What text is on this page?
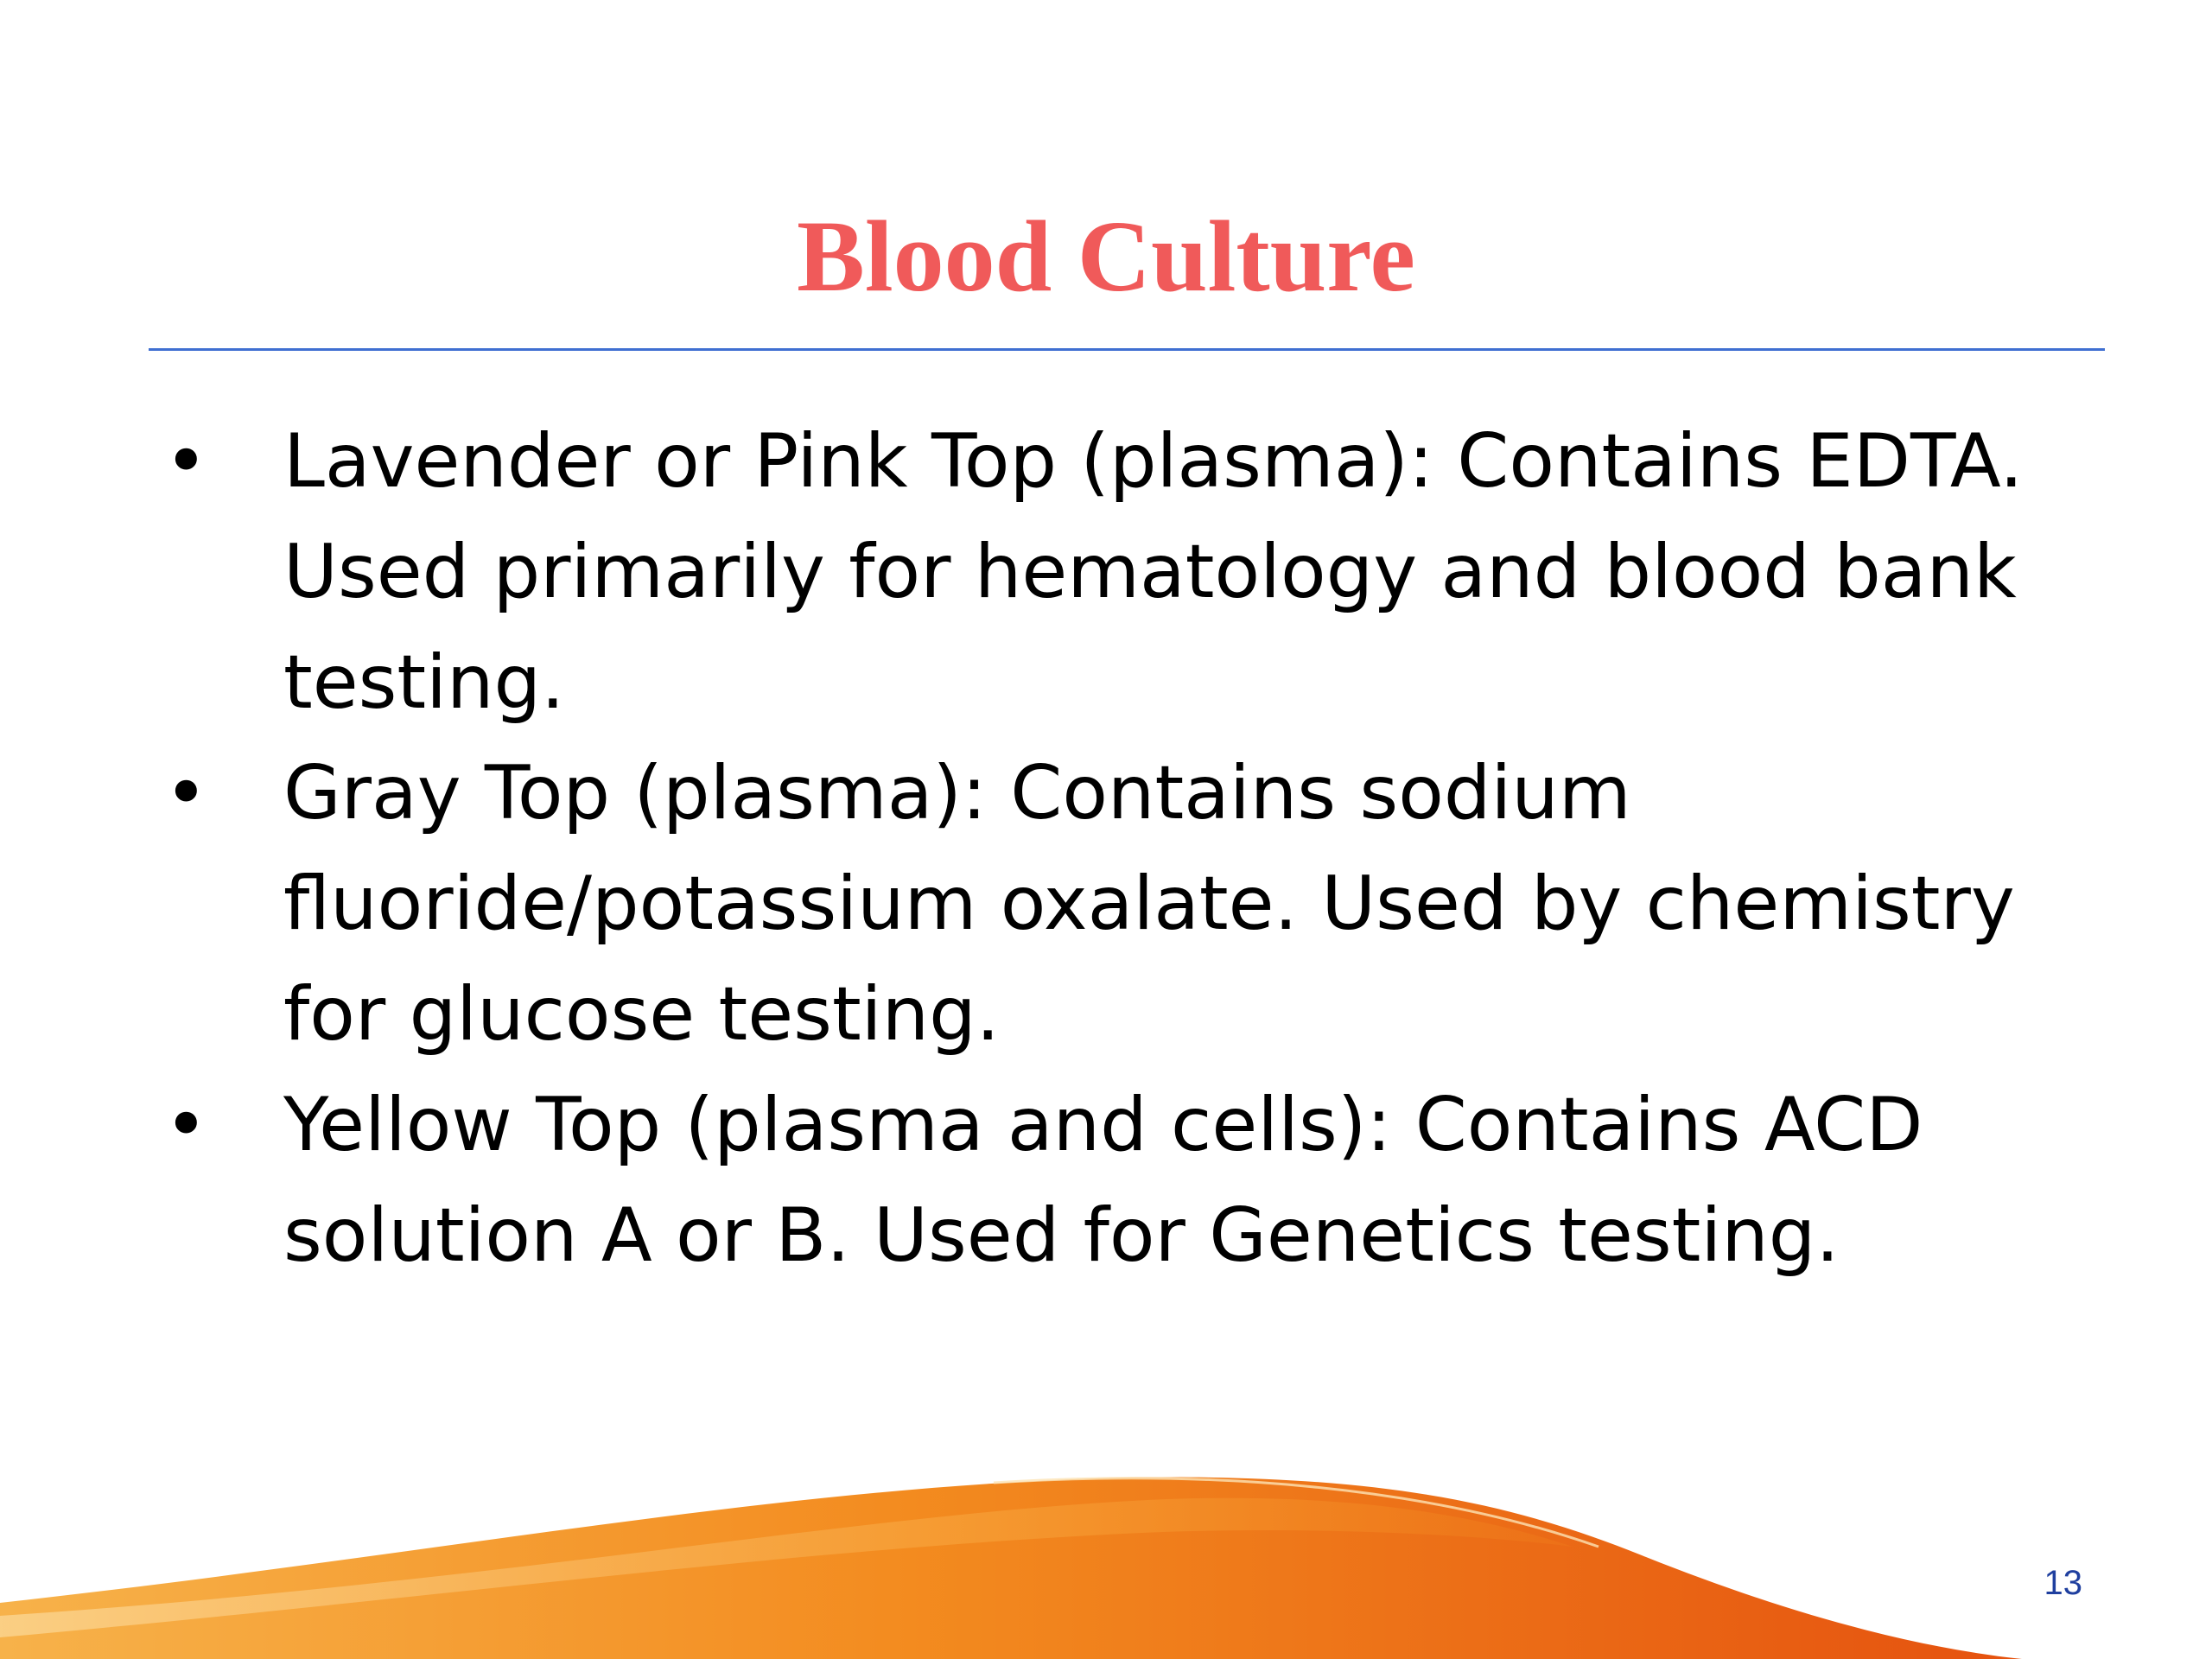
Blood Culture
• Lavender or Pink Top (plasma): Contains EDTA. Used primarily for hematology and blood bank testing.
• Gray Top (plasma): Contains sodium fluoride/potassium oxalate. Used by chemistry for glucose testing.
• Yellow Top (plasma and cells): Contains ACD solution A or B. Used for Genetics testing.
13
